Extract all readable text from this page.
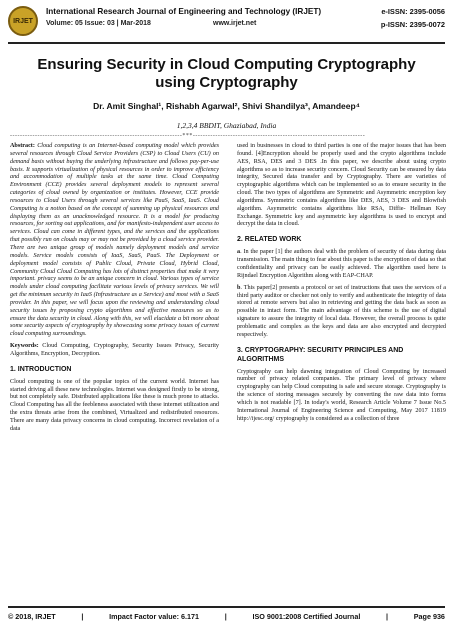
IRJET
International Research Journal of Engineering and Technology (IRJET)
Volume: 05 Issue: 03 | Mar-2018	www.irjet.net
e-ISSN: 2395-0056
p-ISSN: 2395-0072
Ensuring Security in Cloud Computing Cryptography using Cryptography
Dr. Amit Singhal¹, Rishabh Agarwal², Shivi Shandilya³, Amandeep⁴
1,2,3,4 BBDIT, Ghaziabad, India
---------------------------------------------------------------------***---------------------------------------------------------------------

Abstract: Cloud computing is an Internet-based computing model which provides several resources through Cloud Service Providers (CSP) to Cloud Users (CU) on demand basis without buying the underlying infrastructure and follows pay-per-use basis. It supports virtualization of physical resources in order to improve efficiency and accommodation of multiple tasks at the same time. Cloud Computing Environment (CCE) provides several deployment models to represent several categories of cloud owned by organization or institutes. However, CCE provide resources to Cloud Users through several services like PaaS, SaaS, IaaS. Cloud Computing is a notion based on the concept of summing up physical resources and displaying them as an unacknowledged resource. It is a model for producing resources, for sorting out applications, and for manifesto-independent user access to services. Cloud can come in different types, and the services and the applications that possibly run on clouds may or may not be provided by a cloud service provider. There are two unique group of models namely deployment models and service models. Service models consists of IaaS, SaaS, PaaS. The Deployment or deployment model consists of Public Cloud, Private Cloud, Hybrid Cloud, Community Cloud Cloud Computing has lots of distinct properties that make it very important. privacy seems to be an unique concern in cloud. Various types of service models under cloud computing facilitate various levels of privacy services. We will get the minimum security in IaaS (Infrastructure as a Service) and most with a SaaS provider. In this paper, we will focus upon the reviewing and understanding cloud security issues by proposing crypto algorithms and effective measures so as to ensure the data security in cloud. Along with this, we will elucidate a bit more about some security aspects of cryptography by showcasing some privacy issues of current cloud computing surroundings.

Keywords: Cloud Computing, Cryptography, Security Issues Privacy, Security Algorithms, Encryption, Decryption.

1. INTRODUCTION

Cloud computing is one of the popular topics of the current world. Internet has started driving all these new technologies. Internet was designed firstly to be strong, but not completely safe. Distributed applications like these is much prone to attacks. Cloud Computing has all the feebleness associated with these internet utilization and the extra threats arise from the combined, Virtualized and redistributed resources. There are many data privacy concerns in cloud computing. Incorrect revelation of a data

used in businesses in cloud to third parties is one of the major issues that has been found. [4]Encryption should be properly used and the crypto algorithms include AES, RSA, DES and 3 DES .In this paper, we describe about using crypto algorithms so as to increase security concern. Cloud Security can be ensured by data integrity, Secured data transfer and by Cryptography. There are varieties of cryptographic algorithms which can be implemented so as to ensure security in the cloud. The two types of algorithms are Symmetric and Asymmetric encryption key algorithms. Symmetric contains algorithms like DES, AES, 3 DES and Blowfish algorithm. Asymmetric contains algorithms like RSA, Diffie- Hellman Key Exchange. Symmetric key and asymmetric key algorithms is used to encrypt and decrypt the data in cloud.

2. RELATED WORK

a. In the paper [1] the authors deal with the problem of security of data during data transmission. The main thing to fear about this paper is the encryption of data so that confidentiality and privacy can be easily achieved. The algorithm used here is Rijndael Encryption Algorithm along with EAP-CHAP.

b. This paper[2] presents a protocol or set of instructions that uses the services of a third party auditor or checker not only to verify and authenticate the integrity of data stored at remote servers but also in retrieving and getting the data back as soon as possible in intact form. The main advantage of this scheme is the use of digital signature to assure the integrity of local data. However, the overall process is quite problematic and complex as the keys and data are also encrypted and decrypted respectively.

3. CRYPTOGRAPHY: SECURITY PRINCIPLES AND ALGORITHMS

Cryptography can help dawning integration of Cloud Computing by increased number of privacy related companies. The primary level of privacy where cryptography can help Cloud computing is safe and secure storage. Cryptography is the science of storing messages securely by converting the raw data into forms which is not readable [7]. In today's world, Research Article Volume 7 Issue No.5 International Journal of Engineering Science and Computing, May 2017 11819 http://ijesc.org/ cryptography is considered as a collection of three

© 2018, IRJET	|	Impact Factor value: 6.171	|	ISO 9001:2008 Certified Journal	|	Page 936
